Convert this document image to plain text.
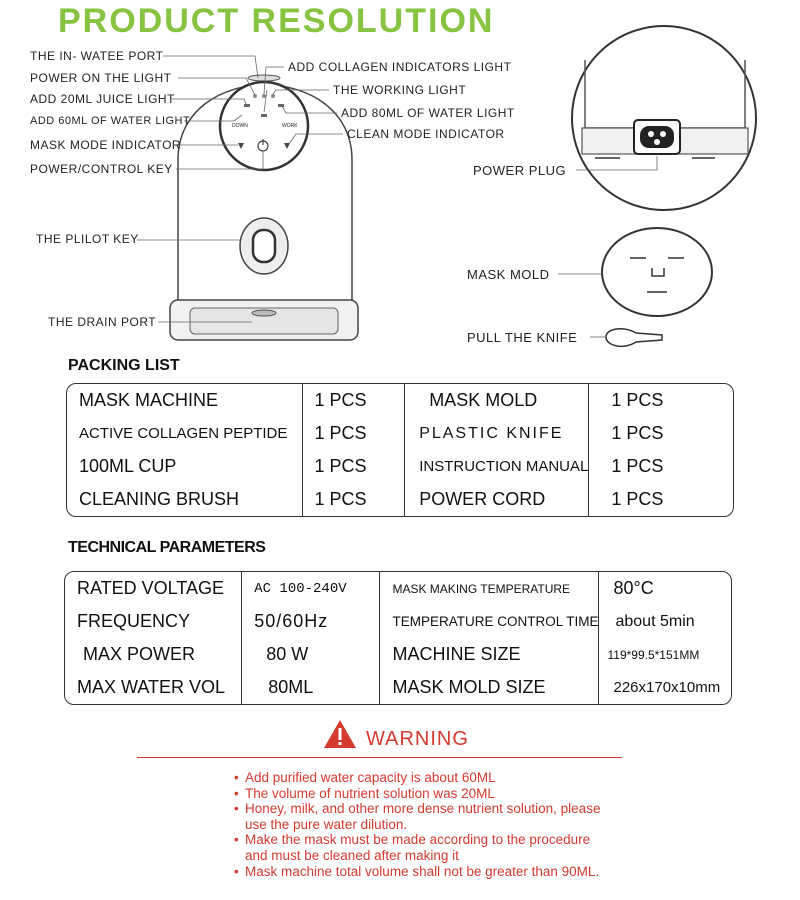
PRODUCT RESOLUTION
THE IN- WATEE PORT
POWER ON THE LIGHT
ADD 20ML JUICE LIGHT
ADD 60ML OF WATER LIGHT
MASK MODE INDICATOR
POWER/CONTROL KEY
THE PLILOT KEY
THE DRAIN PORT
ADD COLLAGEN INDICATORS LIGHT
THE WORKING LIGHT
ADD 80ML OF WATER LIGHT
CLEAN MODE INDICATOR
POWER PLUG
MASK MOLD
PULL THE KNIFE
DOWN	WORK
PACKING LIST
MASK MACHINE	1 PCS	MASK MOLD	1 PCS
ACTIVE COLLAGEN PEPTIDE	1 PCS	PLASTIC KNIFE	1 PCS
100ML CUP	1 PCS	INSTRUCTION MANUAL	1 PCS
CLEANING BRUSH	1 PCS	POWER CORD	1 PCS
TECHNICAL PARAMETERS
RATED VOLTAGE	AC 100-240V	MASK MAKING TEMPERATURE	80°C
FREQUENCY	50/60Hz	TEMPERATURE CONTROL TIME	about 5min
MAX POWER	80 W	MACHINE SIZE	119*99.5*151MM
MAX WATER VOL	80ML	MASK MOLD SIZE	226x170x10mm
WARNING
• Add purified water capacity is about 60ML
• The volume of nutrient solution was 20ML
• Honey, milk, and other more dense nutrient solution, please use the pure water dilution.
• Make the mask must be made according to the procedure and must be cleaned after making it
• Mask machine total volume shall not be greater than 90ML.
